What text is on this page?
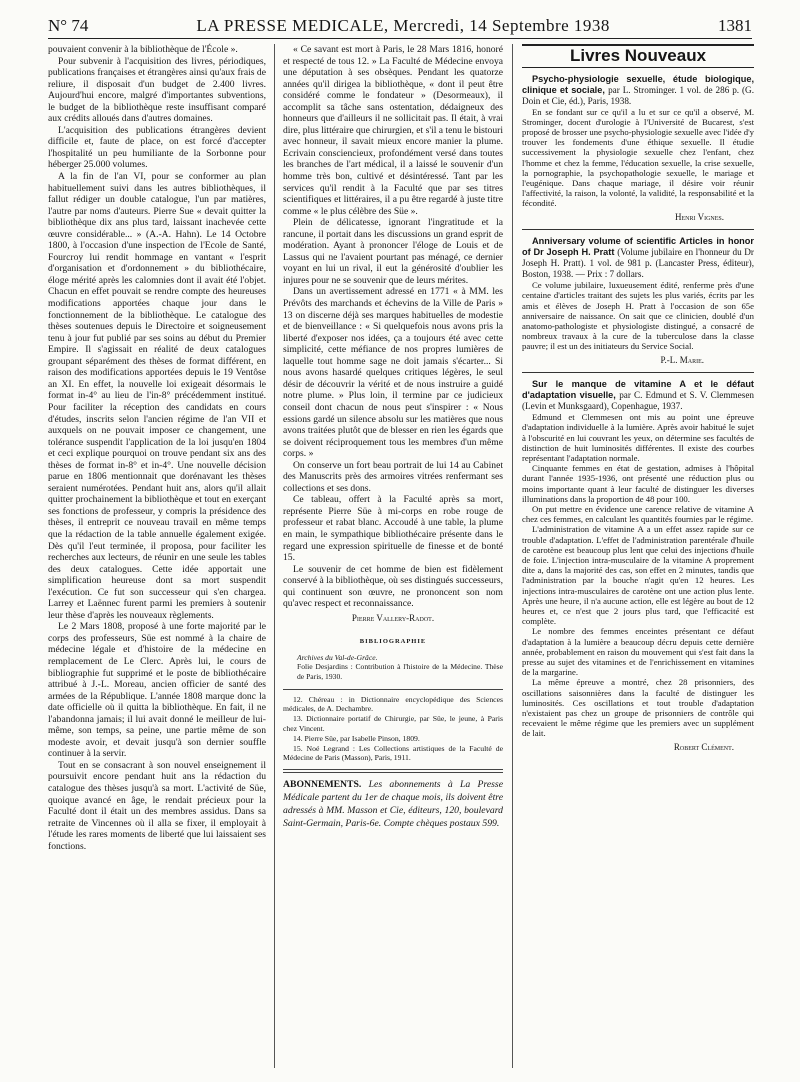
N° 74	LA PRESSE MEDICALE, Mercredi, 14 Septembre 1938	1381

pouvaient convenir à la bibliothèque de l'École ».

Pour subvenir à l'acquisition des livres, périodiques, publications françaises et étrangères ainsi qu'aux frais de reliure, il disposait d'un budget de 2.400 livres. Aujourd'hui encore, malgré d'importantes subventions, le budget de la bibliothèque reste insuffisant comparé aux crédits alloués dans d'autres domaines.

L'acquisition des publications étrangères devient difficile et, faute de place, on est forcé d'accepter l'hospitalité un peu humiliante de la Sorbonne pour héberger 25.000 volumes.

A la fin de l'an VI, pour se conformer au plan habituellement suivi dans les autres bibliothèques, il fallut rédiger un double catalogue, l'un par matières, l'autre par noms d'auteurs. Pierre Sue « devait quitter la bibliothèque dix ans plus tard, laissant inachevée cette œuvre considérable... » (A.-A. Hahn). Le 14 Octobre 1800, à l'occasion d'une inspection de l'Ecole de Santé, Fourcroy lui rendit hommage en vantant « l'esprit d'organisation et d'ordonnement » du bibliothécaire, éloge mérité après les calomnies dont il avait été l'objet. Chacun en effet pouvait se rendre compte des heureuses modifications apportées chaque jour dans le fonctionnement de la bibliothèque. Le catalogue des thèses soutenues depuis le Directoire et soigneusement tenu à jour fut publié par ses soins au début du Premier Empire. Il s'agissait en réalité de deux catalogues groupant séparément des thèses de format différent, en raison des modifications apportées depuis le 19 Ventôse an XI. En effet, la nouvelle loi exigeait désormais le format in-4° au lieu de l'in-8° précédemment institué. Pour faciliter la réception des candidats en cours d'études, inscrits selon l'ancien régime de l'an VII et auxquels on ne pouvait imposer ce changement, une tolérance suspendit l'application de la loi jusqu'en 1804 et ceci explique pourquoi on trouve pendant six ans des thèses de format in-8° et in-4°. Une nouvelle décision parue en 1806 mentionnait que dorénavant les thèses seraient numérotées. Pendant huit ans, alors qu'il allait quitter prochainement la bibliothèque et tout en exerçant ses fonctions de professeur, y compris la présidence des thèses, il entreprit ce nouveau travail en même temps que la rédaction de la table annuelle également exigée. Dès qu'il l'eut terminée, il proposa, pour faciliter les recherches aux lecteurs, de réunir en une seule les tables des deux catalogues. Cette idée apportait une simplification heureuse dont sa mort suspendit l'exécution. Ce fut son successeur qui s'en chargea. Larrey et Laënnec furent parmi les premiers à soutenir leur thèse d'après les nouveaux règlements.

Le 2 Mars 1808, proposé à une forte majorité par le corps des professeurs, Süe est nommé à la chaire de médecine légale et d'histoire de la médecine en remplacement de Le Clerc. Après lui, le cours de bibliographie fut supprimé et le poste de bibliothécaire attribué à J.-L. Moreau, ancien officier de santé des armées de la République. L'année 1808 marque donc la date officielle où il quitta la bibliothèque. En fait, il ne l'abandonna jamais; il lui avait donné le meilleur de lui-même, son temps, sa peine, une partie même de son modeste avoir, et devait jusqu'à son dernier souffle continuer à la servir.

Tout en se consacrant à son nouvel enseignement il poursuivit encore pendant huit ans la rédaction du catalogue des thèses jusqu'à sa mort. L'activité de Süe, quoique avancé en âge, le rendait précieux pour la Faculté dont il était un des membres assidus. Dans sa retraite de Vincennes où il alla se fixer, il employait à l'étude les rares moments de liberté que lui laissaient ses fonctions.

« Ce savant est mort à Paris, le 28 Mars 1816, honoré et respecté de tous 12. » La Faculté de Médecine envoya une députation à ses obsèques. Pendant les quatorze années qu'il dirigea la bibliothèque, « dont il peut être considéré comme le fondateur » (Desormeaux), il accomplit sa tâche sans ostentation, dédaigneux des honneurs que d'ailleurs il ne sollicitait pas. Il était, à vrai dire, plus littéraire que chirurgien, et s'il a tenu le bistouri avec honneur, il savait mieux encore manier la plume. Ecrivain consciencieux, profondément versé dans toutes les branches de l'art médical, il a laissé le souvenir d'un homme très bon, cultivé et désintéressé. Tant par les services qu'il rendit à la Faculté que par ses titres scientifiques et littéraires, il a pu être regardé à juste titre comme « le plus célèbre des Süe ».

Plein de délicatesse, ignorant l'ingratitude et la rancune, il portait dans les discussions un grand esprit de modération. Ayant à prononcer l'éloge de Louis et de Lassus qui ne l'avaient pourtant pas ménagé, ce dernier voyant en lui un rival, il eut la générosité d'oublier les injures pour ne se souvenir que de leurs mérites.

Dans un avertissement adressé en 1771 « à MM. les Prévôts des marchands et échevins de la Ville de Paris » 13 on discerne déjà ses marques habituelles de modestie et de bienveillance : « Si quelquefois nous avons pris la liberté d'exposer nos idées, ça a toujours été avec cette simplicité, cette méfiance de nos propres lumières de laquelle tout homme sage ne doit jamais s'écarter... Si nous avons hasardé quelques critiques légères, le seul désir de découvrir la vérité et de nous instruire a guidé notre plume. » Plus loin, il termine par ce judicieux conseil dont chacun de nous peut s'inspirer : « Nous essions gardé un silence absolu sur les matières que nous avons traitées plutôt que de blesser en rien les égards que se doivent réciproquement tous les membres d'un même corps. »

On conserve un fort beau portrait de lui 14 au Cabinet des Manuscrits près des armoires vitrées renfermant ses collections et ses dons.

Ce tableau, offert à la Faculté après sa mort, représente Pierre Süe à mi-corps en robe rouge de professeur et rabat blanc. Accoudé à une table, la plume en main, le sympathique bibliothécaire présente dans le regard une expression spirituelle de finesse et de bonté 15.

Le souvenir de cet homme de bien est fidèlement conservé à la bibliothèque, où ses distingués successeurs, qui continuent son œuvre, ne prononcent son nom qu'avec respect et reconnaissance.

Pierre Vallery-Radot.
BIBLIOGRAPHIE

Archives du Val-de-Grâce.

Folie Desjardins : Contribution à l'histoire de la Médecine. Thèse de Paris, 1930.

12. Chéreau : in Dictionnaire encyclopédique des Sciences médicales, de A. Dechambre.

13. Dictionnaire portatif de Chirurgie, par Süe, le jeune, à Paris chez Vincent.

14. Pierre Süe, par Isabelle Pinson, 1809.

15. Noé Legrand : Les Collections artistiques de la Faculté de Médecine de Paris (Masson), Paris, 1911.

ABONNEMENTS. Les abonnements à La Presse Médicale partent du 1er de chaque mois, ils doivent être adressés à MM. Masson et Cie, éditeurs, 120, boulevard Saint-Germain, Paris-6e. Compte chèques postaux 599.
Livres Nouveaux

Psycho-physiologie sexuelle, étude biologique, clinique et sociale, par L. Strominger. 1 vol. de 286 p. (G. Doin et Cie, éd.), Paris, 1938.

En se fondant sur ce qu'il a lu et sur ce qu'il a observé, M. Strominger, docent d'urologie à l'Université de Bucarest, s'est proposé de brosser une psycho-physiologie sexuelle avec l'idée d'y trouver les fondements d'une éthique sexuelle. Il étudie successivement la physiologie sexuelle chez l'enfant, chez l'homme et chez la femme, l'éducation sexuelle, la crise sexuelle, la pornographie, la psychopathologie sexuelle, le mariage et l'eugénique. Dans chaque mariage, il désire voir réunir l'affectivité, la raison, la volonté, la validité, la responsabilité et la fécondité.

Henri Vignes.

Anniversary volume of scientific Articles in honor of Dr Joseph H. Pratt (Volume jubilaire en l'honneur du Dr Joseph H. Pratt). 1 vol. de 981 p. (Lancaster Press, éditeur), Boston, 1938. — Prix : 7 dollars.

Ce volume jubilaire, luxueusement édité, renferme près d'une centaine d'articles traitant des sujets les plus variés, écrits par les amis et élèves de Joseph H. Pratt à l'occasion de son 65e anniversaire de naissance. On sait que ce clinicien, doublé d'un anatomo-pathologiste et physiologiste distingué, a consacré de nombreux travaux à la cure de la tuberculose dans la classe pauvre; il est un des initiateurs du Service Social.

P.-L. Marie.

Sur le manque de vitamine A et le défaut d'adaptation visuelle, par C. Edmund et S. V. Clemmesen (Levin et Munksgaard), Copenhague, 1937.

Edmund et Clemmesen ont mis au point une épreuve d'adaptation individuelle à la lumière. Après avoir habitué le sujet à l'obscurité en lui couvrant les yeux, on détermine ses facultés de distinction de huit luminosités différentes. Il existe des courbes représentant l'adaptation normale.

Cinquante femmes en état de gestation, admises à l'hôpital durant l'année 1935-1936, ont présenté une réduction plus ou moins importante quant à leur faculté de distinguer les diverses illuminations dans la proportion de 48 pour 100.

On put mettre en évidence une carence relative de vitamine A chez ces femmes, en calculant les quantités fournies par le régime.

L'administration de vitamine A a un effet assez rapide sur ce trouble d'adaptation. L'effet de l'administration parentérale d'huile de carotène est beaucoup plus lent que celui des injections d'huile de foie. L'injection intra-musculaire de la vitamine A proprement dite a, dans la majorité des cas, son effet en 2 minutes, tandis que l'administration par la bouche n'agit qu'en 12 heures. Les injections intra-musculaires de carotène ont une action plus lente. Après une heure, il n'a aucune action, elle est légère au bout de 12 heures et, ce n'est que 2 jours plus tard, que l'efficacité est complète.

Le nombre des femmes enceintes présentant ce défaut d'adaptation à la lumière a beaucoup décru depuis cette dernière année, probablement en raison du mouvement qui s'est fait dans la presse au sujet des vitamines et de l'enrichissement en vitamines de la margarine.

La même épreuve a montré, chez 28 prisonniers, des oscillations saisonnières dans la faculté de distinguer les luminosités. Ces oscillations et tout trouble d'adaptation n'existaient pas chez un groupe de prisonniers de contrôle qui recevaient le même régime que les premiers avec un supplément de lait.

Robert Clément.
